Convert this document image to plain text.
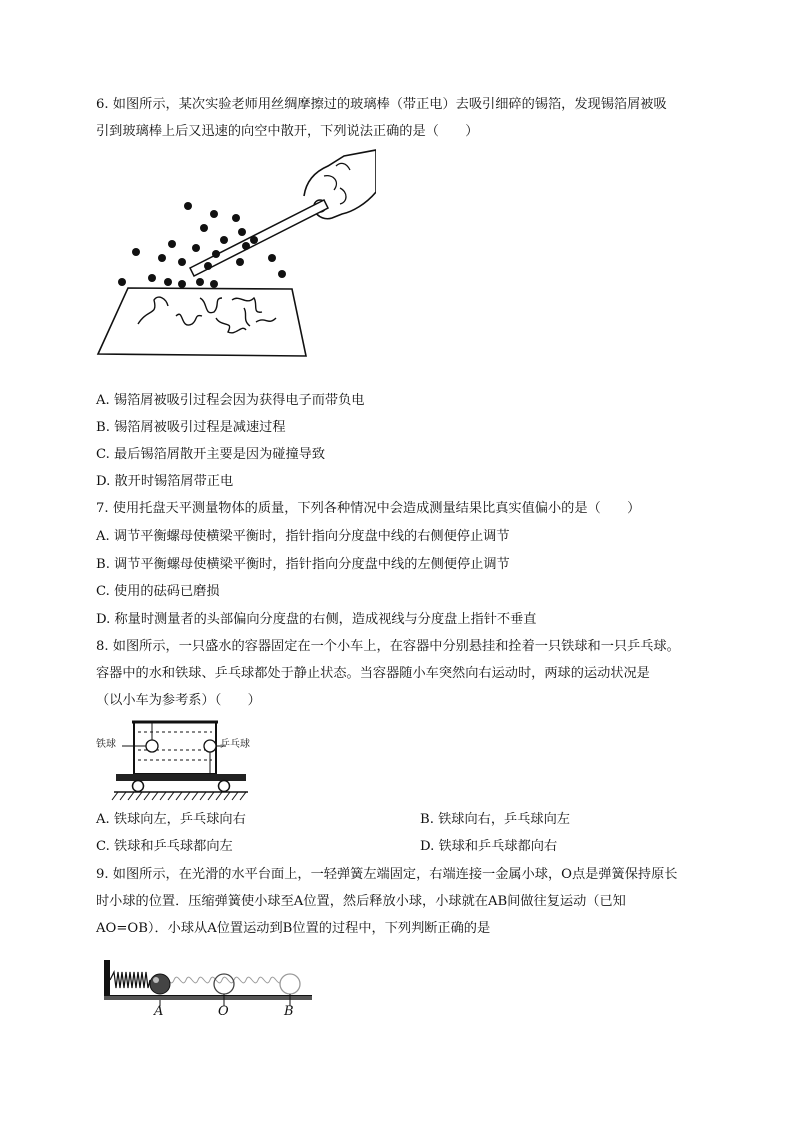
6. 如图所示，某次实验老师用丝绸摩擦过的玻璃棒（带正电）去吸引细碎的锡箔，发现锡箔屑被吸
引到玻璃棒上后又迅速的向空中散开，下列说法正确的是（　　）
A. 锡箔屑被吸引过程会因为获得电子而带负电
B. 锡箔屑被吸引过程是减速过程
C. 最后锡箔屑散开主要是因为碰撞导致
D. 散开时锡箔屑带正电
7. 使用托盘天平测量物体的质量，下列各种情况中会造成测量结果比真实值偏小的是（　　）
A. 调节平衡螺母使横梁平衡时，指针指向分度盘中线的右侧便停止调节
B. 调节平衡螺母使横梁平衡时，指针指向分度盘中线的左侧便停止调节
C. 使用的砝码已磨损
D. 称量时测量者的头部偏向分度盘的右侧，造成视线与分度盘上指针不垂直
8. 如图所示，一只盛水的容器固定在一个小车上，在容器中分别悬挂和拴着一只铁球和一只乒乓球。
容器中的水和铁球、乒乓球都处于静止状态。当容器随小车突然向右运动时，两球的运动状况是
（以小车为参考系）（　　）
铁球	乒乓球
A. 铁球向左，乒乓球向右	B. 铁球向右，乒乓球向左
C. 铁球和乒乓球都向左	D. 铁球和乒乓球都向右
9. 如图所示，在光滑的水平台面上，一轻弹簧左端固定，右端连接一金属小球，O点是弹簧保持原长
时小球的位置．压缩弹簧使小球至A位置，然后释放小球，小球就在AB间做往复运动（已知
AO=OB）．小球从A位置运动到B位置的过程中，下列判断正确的是
A	O	B
